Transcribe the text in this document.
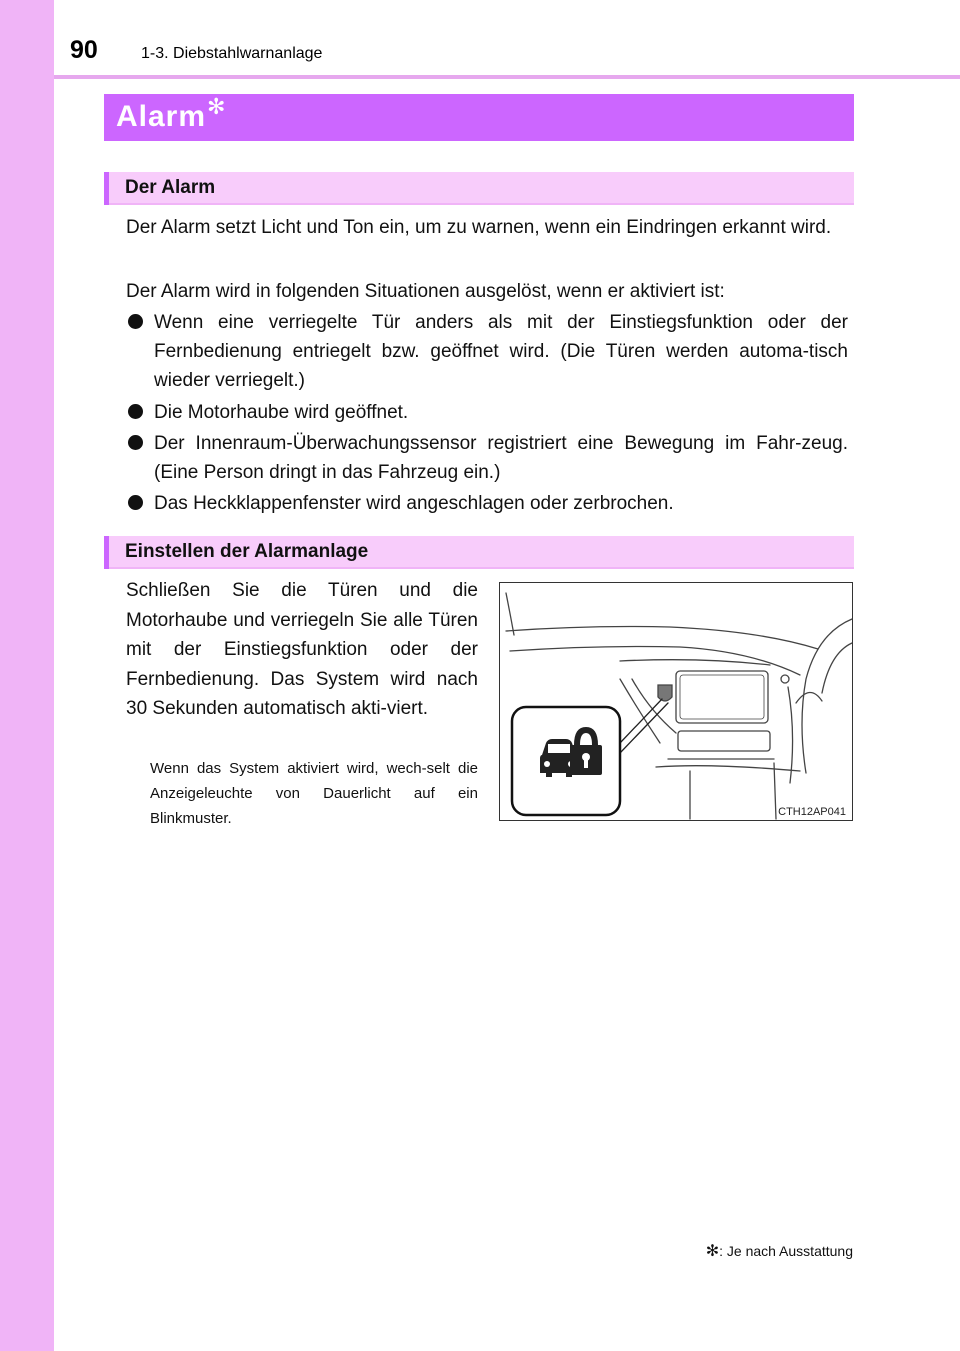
90	1-3. Diebstahlwarnanlage
Alarm ✻
Der Alarm

Der Alarm setzt Licht und Ton ein, um zu warnen, wenn ein Eindringen erkannt wird.

Der Alarm wird in folgenden Situationen ausgelöst, wenn er aktiviert ist:

Wenn eine verriegelte Tür anders als mit der Einstiegsfunktion oder der Fernbedienung entriegelt bzw. geöffnet wird. (Die Türen werden automa-tisch wieder verriegelt.)
Die Motorhaube wird geöffnet.
Der Innenraum-Überwachungssensor registriert eine Bewegung im Fahr-zeug. (Eine Person dringt in das Fahrzeug ein.)
Das Heckklappenfenster wird angeschlagen oder zerbrochen.
Einstellen der Alarmanlage

Schließen Sie die Türen und die Motorhaube und verriegeln Sie alle Türen mit der Einstiegsfunktion oder der Fernbedienung. Das System wird nach 30 Sekunden automatisch akti-viert.

Wenn das System aktiviert wird, wech-selt die Anzeigeleuchte von Dauerlicht auf ein Blinkmuster.	CTH12AP041
✻: Je nach Ausstattung
